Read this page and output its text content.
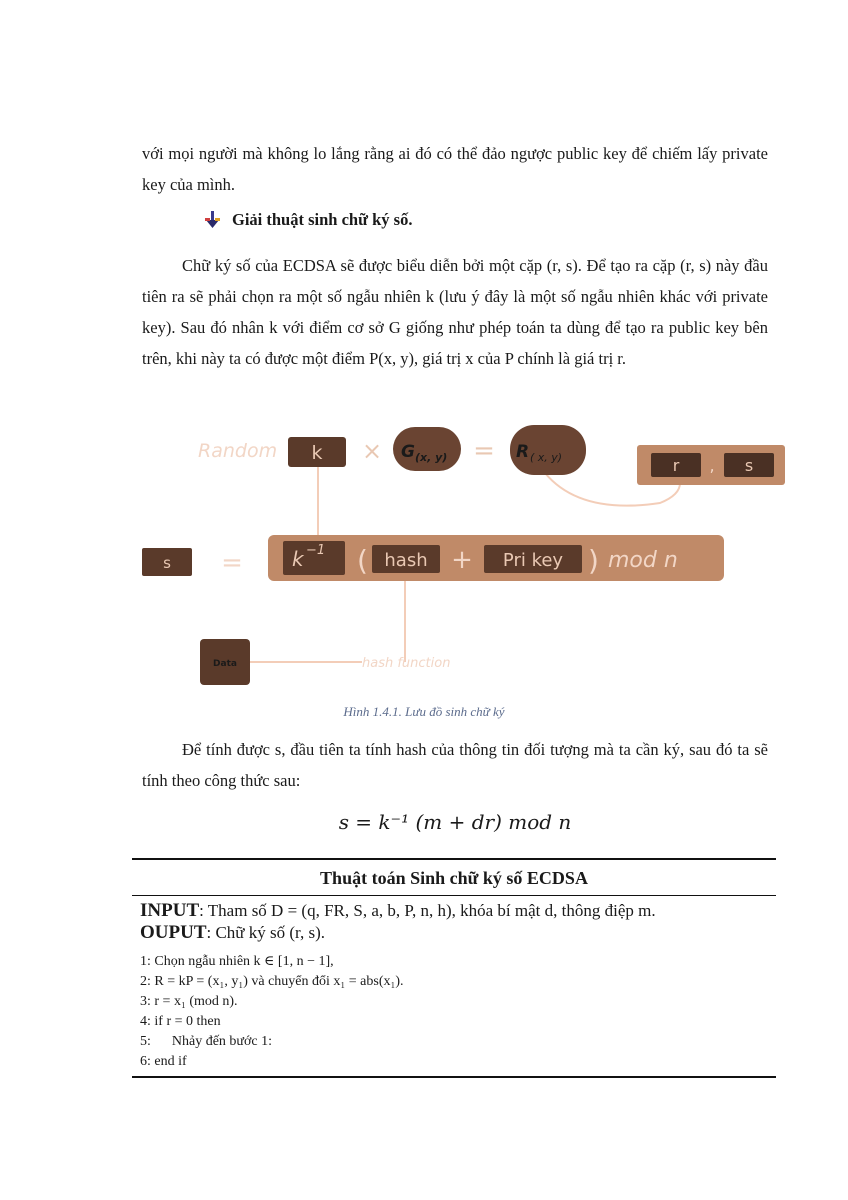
với mọi người mà không lo lắng rằng ai đó có thể đảo ngược public key để chiếm lấy private key của mình.

Giải thuật sinh chữ ký số.

Chữ ký số của ECDSA sẽ được biểu diễn bởi một cặp (r, s). Để tạo ra cặp (r, s) này đầu tiên ra sẽ phải chọn ra một số ngẫu nhiên k (lưu ý đây là một số ngẫu nhiên khác với private key). Sau đó nhân k với điểm cơ sở G giống như phép toán ta dùng để tạo ra public key bên trên, khi này ta có được một điểm P(x, y), giá trị x của P chính là giá trị r.

Random k × G (x, y) = R ( x, y)	r , s
s = k −1 ( hash + Pri key ) mod n
Data	hash function
Hình 1.4.1. Lưu đồ sinh chữ ký

Để tính được s, đầu tiên ta tính hash của thông tin đối tượng mà ta cần ký, sau đó ta sẽ tính theo công thức sau:

s = k⁻¹ (m + dr) mod n
Thuật toán Sinh chữ ký số ECDSA
INPUT: Tham số D = (q, FR, S, a, b, P, n, h), khóa bí mật d, thông điệp m.
OUPUT: Chữ ký số (r, s).
1: Chọn ngẫu nhiên k ∈ [1, n − 1],
2: R = kP = (x₁, y₁) và chuyển đổi x₁ = abs(x₁).
3: r = x₁ (mod n).
4: if r = 0 then
5:      Nhảy đến bước 1:
6: end if
